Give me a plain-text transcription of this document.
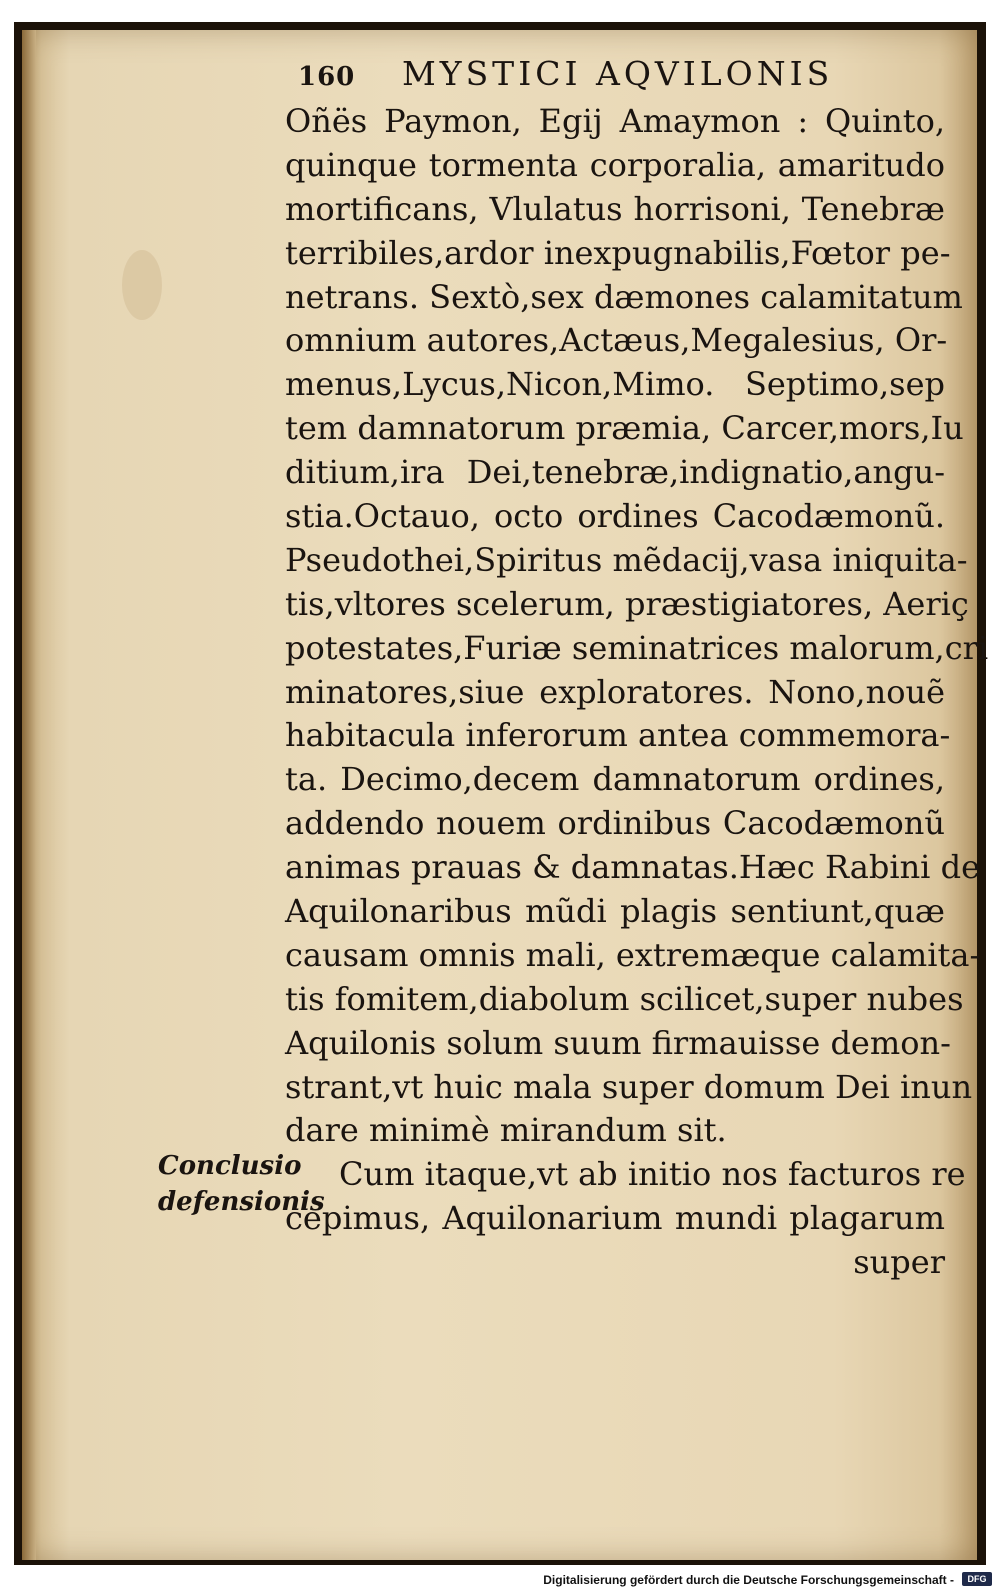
160 MYSTICI AQVILONIS
Oñës Paymon, Egij Amaymon : Quinto,
quinque tormenta corporalia, amaritudo
mortificans, Vlulatus horrisoni, Tenebræ
terribiles,ardor inexpugnabilis,Fœtor pe-
netrans. Sextò,sex dæmones calamitatum
omnium autores,Actæus,Megalesius, Or-
menus,Lycus,Nicon,Mimo. Septimo,sep
tem damnatorum præmia, Carcer,mors,Iu
ditium,ira Dei,tenebræ,indignatio,angu-
stia.Octauo, octo ordines Cacodæmonũ.
Pseudothei,Spiritus mẽdacij,vasa iniquita-
tis,vltores scelerum, præstigiatores, Aeriç
potestates,Furiæ seminatrices malorum,cri
minatores,siue exploratores. Nono,nouẽ
habitacula inferorum antea commemora-
ta. Decimo,decem damnatorum ordines,
addendo nouem ordinibus Cacodæmonũ
animas prauas & damnatas.Hæc Rabini de
Aquilonaribus mũdi plagis sentiunt,quæ
causam omnis mali, extremæque calamita-
tis fomitem,diabolum scilicet,super nubes
Aquilonis solum suum firmauisse demon-
strant,vt huic mala super domum Dei inun
dare minimè mirandum sit.
Cum itaque,vt ab initio nos facturos re
cepimus, Aquilonarium mundi plagarum
super
Conclusio
defensionis
Digitalisierung gefördert durch die Deutsche Forschungsgemeinschaft -	DFG
